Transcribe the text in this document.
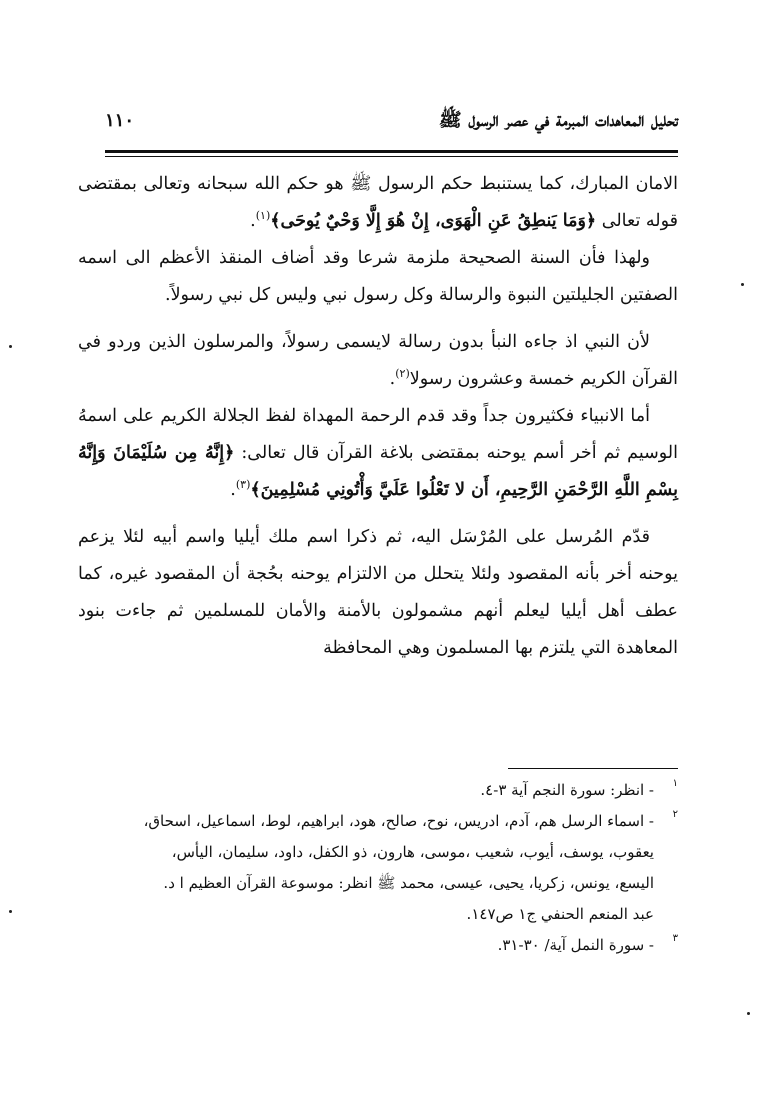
تحليل المعاهدات المبرمة في عصر الرسول ﷺ
١١٠

الامان المبارك، كما يستنبط حكم الرسول ﷺ هو حكم الله سبحانه وتعالى بمقتضى قوله تعالى ﴿وَمَا يَنطِقُ عَنِ الْهَوَى، إِنْ هُوَ إِلَّا وَحْيٌ يُوحَى﴾$^{(١)}$.

ولهذا فأن السنة الصحيحة ملزمة شرعا وقد أضاف المنقذ الأعظم الى اسمه الصفتين الجليلتين النبوة والرسالة وكل رسول نبي وليس كل نبي رسولاً.

لأن النبي اذ جاءه النبأ بدون رسالة لايسمى رسولاً، والمرسلون الذين وردو في القرآن الكريم خمسة وعشرون رسولا$^{(٢)}$.

أما الانبياء فكثيرون جداً وقد قدم الرحمة المهداة لفظ الجلالة الكريم على اسمهُ الوسيم ثم أخر أسم يوحنه بمقتضى بلاغة القرآن قال تعالى: ﴿إِنَّهُ مِن سُلَيْمَانَ وَإِنَّهُ بِسْمِ اللَّهِ الرَّحْمَنِ الرَّحِيمِ، أَن لا تَعْلُوا عَلَيَّ وَأْتُونِي مُسْلِمِينَ﴾$^{(٣)}$.

قدّم المُرسل على المُرْسَل اليه، ثم ذكرا اسم ملك أيليا واسم أبيه لئلا يزعم يوحنه أخر بأنه المقصود ولئلا يتحلل من الالتزام يوحنه بحُجة أن المقصود غيره، كما عطف أهل أيليا ليعلم أنهم مشمولون بالأمنة والأمان للمسلمين ثم جاءت بنود المعاهدة التي يلتزم بها المسلمون وهي المحافظة

١
- انظر: سورة النجم آية ٣-٤.
٢
- اسماء الرسل هم، آدم، ادريس، نوح، صالح، هود، ابراهيم، لوط، اسماعيل، اسحاق،
يعقوب، يوسف، أيوب، شعيب ،موسى، هارون، ذو الكفل، داود، سليمان، اليأس،
اليسع، يونس، زكريا، يحيى، عيسى، محمد ﷺ انظر: موسوعة القرآن العظيم ا د.
عبد المنعم الحنفي ج١ ص١٤٧.
٣
- سورة النمل آية/ ٣٠-٣١.
